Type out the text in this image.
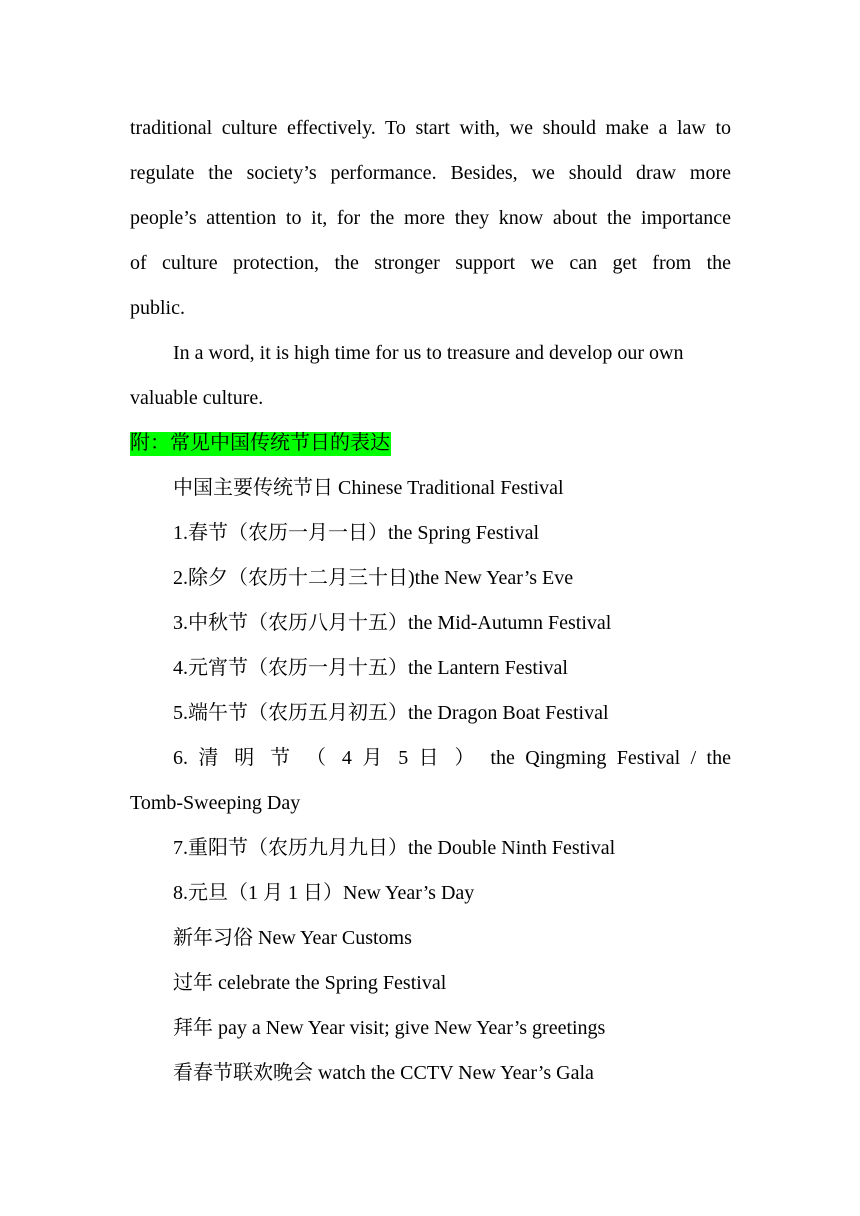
traditional culture effectively. To start with, we should make a law to
regulate the society’s performance. Besides, we should draw more
people’s attention to it, for the more they know about the importance
of culture protection, the stronger support we can get from the
public.
In a word, it is high time for us to treasure and develop our own
valuable culture.
附：常见中国传统节日的表达
中国主要传统节日 Chinese Traditional Festival
1.春节（农历一月一日）the Spring Festival
2.除夕（农历十二月三十日)the New Year’s Eve
3.中秋节（农历八月十五）the Mid-Autumn Festival
4.元宵节（农历一月十五）the Lantern Festival
5.端午节（农历五月初五）the Dragon Boat Festival
6. 清 明 节 （ 4 月 5 日 ） the Qingming Festival / the
Tomb-Sweeping Day
7.重阳节（农历九月九日）the Double Ninth Festival
8.元旦（1 月 1 日）New Year’s Day
新年习俗 New Year Customs
过年 celebrate the Spring Festival
拜年 pay a New Year visit; give New Year’s greetings
看春节联欢晚会 watch the CCTV New Year’s Gala
